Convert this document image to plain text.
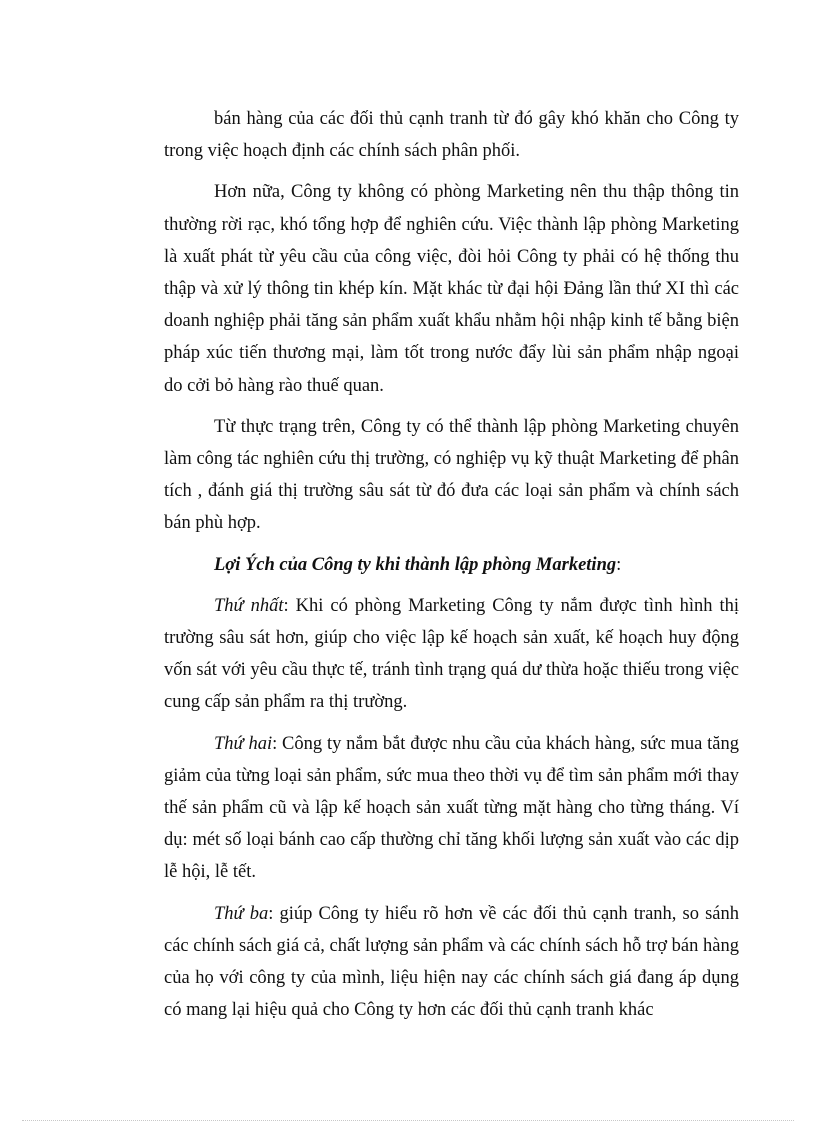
bán hàng của các đối thủ cạnh tranh từ đó gây khó khăn cho Công ty trong việc hoạch định các chính sách phân phối.

Hơn nữa, Công ty không có phòng Marketing nên thu thập thông tin thường rời rạc, khó tổng hợp để nghiên cứu. Việc thành lập phòng Marketing là xuất phát từ yêu cầu của công việc, đòi hỏi Công ty phải có hệ thống thu thập và xử lý thông tin khép kín. Mặt khác từ đại hội Đảng lần thứ XI thì các doanh nghiệp phải tăng sản phẩm xuất khẩu nhằm hội nhập kinh tế bằng biện pháp xúc tiến thương mại, làm tốt trong nước đẩy lùi sản phẩm nhập ngoại do cởi bỏ hàng rào thuế quan.

Từ thực trạng trên, Công ty có thể thành lập phòng Marketing chuyên làm công tác nghiên cứu thị trường, có nghiệp vụ kỹ thuật Marketing để phân tích , đánh giá thị trường sâu sát từ đó đưa các loại sản phẩm và chính sách bán phù hợp.

Lợi Ých của Công ty khi thành lập phòng Marketing:

Thứ nhất: Khi có phòng Marketing Công ty nắm được tình hình thị trường sâu sát hơn, giúp cho việc lập kế hoạch sản xuất, kế hoạch huy động vốn sát với yêu cầu thực tế, tránh tình trạng quá dư thừa hoặc thiếu trong việc cung cấp sản phẩm ra thị trường.

Thứ hai: Công ty nắm bắt được nhu cầu của khách hàng, sức mua tăng giảm của từng loại sản phẩm, sức mua theo thời vụ để tìm sản phẩm mới thay thế sản phẩm cũ và lập kế hoạch sản xuất từng mặt hàng cho từng tháng. Ví dụ: mét số loại bánh cao cấp thường chỉ tăng khối lượng sản xuất vào các dịp lễ hội, lễ tết.

Thứ ba: giúp Công ty hiểu rõ hơn về các đối thủ cạnh tranh, so sánh các chính sách giá cả, chất lượng sản phẩm và các chính sách hỗ trợ bán hàng của họ với công ty của mình, liệu hiện nay các chính sách giá đang áp dụng có mang lại hiệu quả cho Công ty hơn các đối thủ cạnh tranh khác
